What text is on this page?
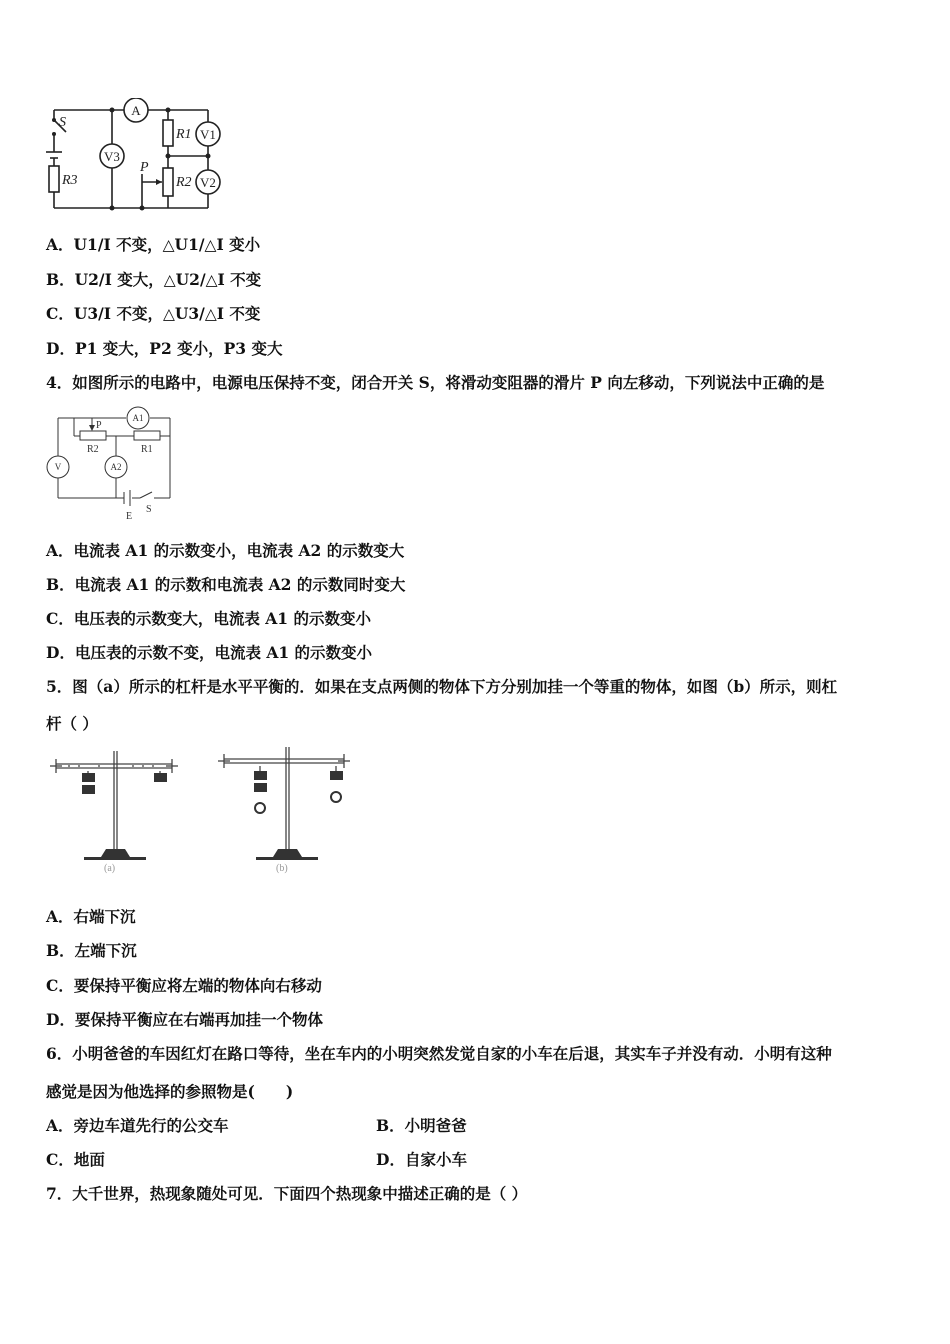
S
R3
R1
R2
P
A
V3
V1
V2
A．U1/I 不变，△U1/△I 变小
B．U2/I 变大，△U2/△I 不变
C．U3/I 不变，△U3/△I 不变
D．P1 变大，P2 变小，P3 变大
4．如图所示的电路中，电源电压保持不变，闭合开关 S，将滑动变阻器的滑片 P 向左移动，下列说法中正确的是
P
R2	R1
E
S
A1
V	A2
A．电流表 A1 的示数变小，电流表 A2 的示数变大
B．电流表 A1 的示数和电流表 A2 的示数同时变大
C．电压表的示数变大，电流表 A1 的示数变小
D．电压表的示数不变，电流表 A1 的示数变小
5．图（a）所示的杠杆是水平平衡的．如果在支点两侧的物体下方分别加挂一个等重的物体，如图（b）所示，则杠
杆（ ）
(a)	(b)
A．右端下沉
B．左端下沉
C．要保持平衡应将左端的物体向右移动
D．要保持平衡应在右端再加挂一个物体
6．小明爸爸的车因红灯在路口等待，坐在车内的小明突然发觉自家的小车在后退，其实车子并没有动．小明有这种
感觉是因为他选择的参照物是(　　)
A．旁边车道先行的公交车	B．小明爸爸
C．地面	D．自家小车
7．大千世界，热现象随处可见．下面四个热现象中描述正确的是（ ）
